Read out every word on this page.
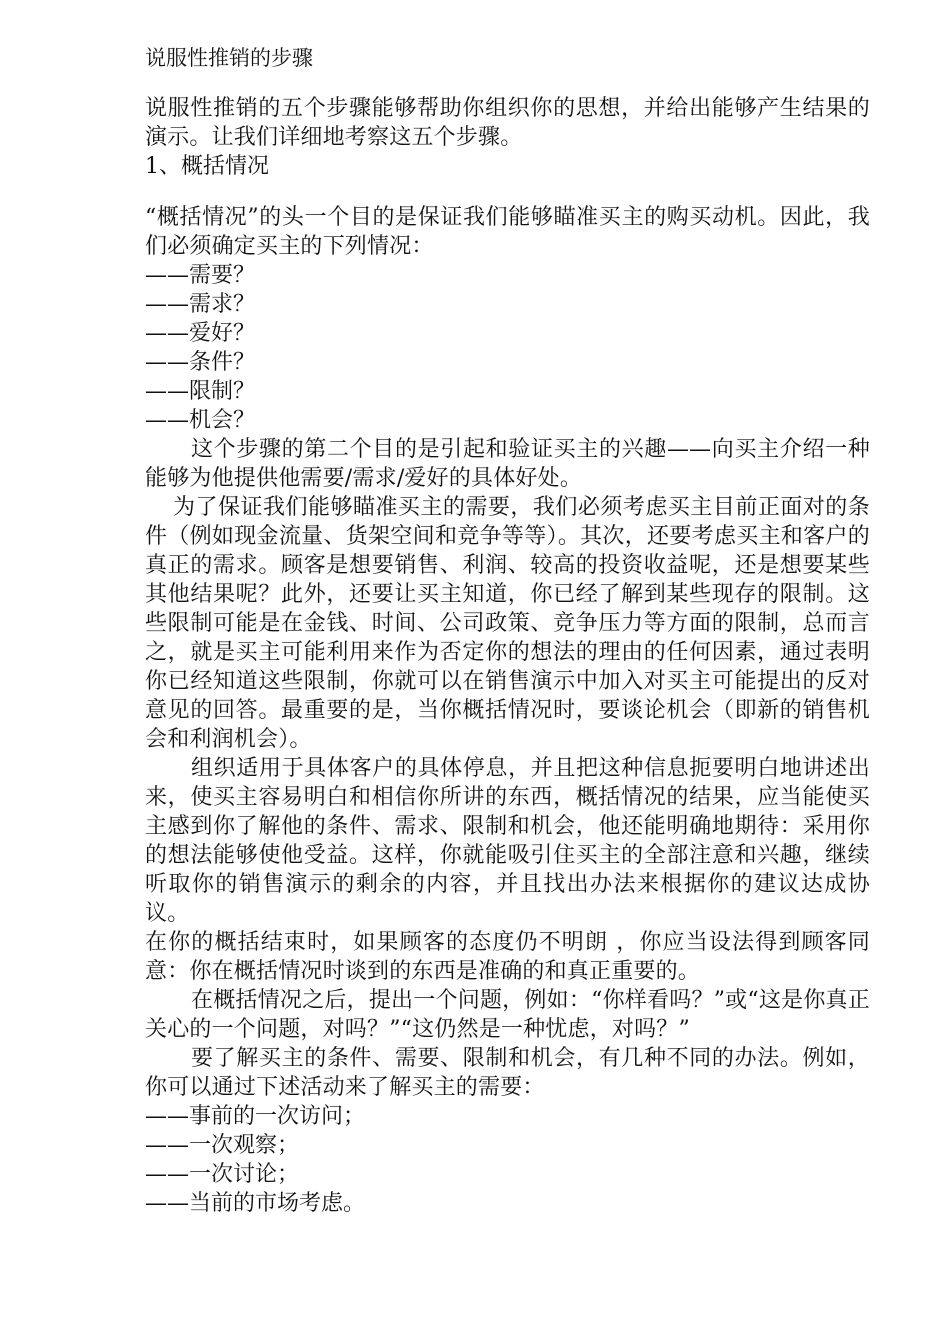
说服性推销的步骤

说服性推销的五个步骤能够帮助你组织你的思想，并给出能够产生结果的演示。让我们详细地考察这五个步骤。

1、概括情况

“概括情况”的头一个目的是保证我们能够瞄准买主的购买动机。因此，我们必须确定买主的下列情况：

——需要？

——需求？

——爱好？

——条件？

——限制？

——机会？

这个步骤的第二个目的是引起和验证买主的兴趣——向买主介绍一种能够为他提供他需要/需求/爱好的具体好处。

为了保证我们能够瞄准买主的需要，我们必须考虑买主目前正面对的条件（例如现金流量、货架空间和竞争等等）。其次，还要考虑买主和客户的真正的需求。顾客是想要销售、利润、较高的投资收益呢，还是想要某些其他结果呢？此外，还要让买主知道，你已经了解到某些现存的限制。这些限制可能是在金钱、时间、公司政策、竞争压力等方面的限制，总而言之，就是买主可能利用来作为否定你的想法的理由的任何因素，通过表明你已经知道这些限制，你就可以在销售演示中加入对买主可能提出的反对意见的回答。最重要的是，当你概括情况时，要谈论机会（即新的销售机会和利润机会）。

组织适用于具体客户的具体停息，并且把这种信息扼要明白地讲述出来，使买主容易明白和相信你所讲的东西，概括情况的结果，应当能使买主感到你了解他的条件、需求、限制和机会，他还能明确地期待：采用你的想法能够使他受益。这样，你就能吸引住买主的全部注意和兴趣，继续听取你的销售演示的剩余的内容，并且找出办法来根据你的建议达成协议。

在你的概括结束时，如果顾客的态度仍不明朗 ，你应当设法得到顾客同意：你在概括情况时谈到的东西是准确的和真正重要的。

在概括情况之后，提出一个问题，例如：“你样看吗？”或“这是你真正关心的一个问题，对吗？”“这仍然是一种忧虑，对吗？”

要了解买主的条件、需要、限制和机会，有几种不同的办法。例如，你可以通过下述活动来了解买主的需要：

——事前的一次访问；

——一次观察；

——一次讨论；

——当前的市场考虑。
